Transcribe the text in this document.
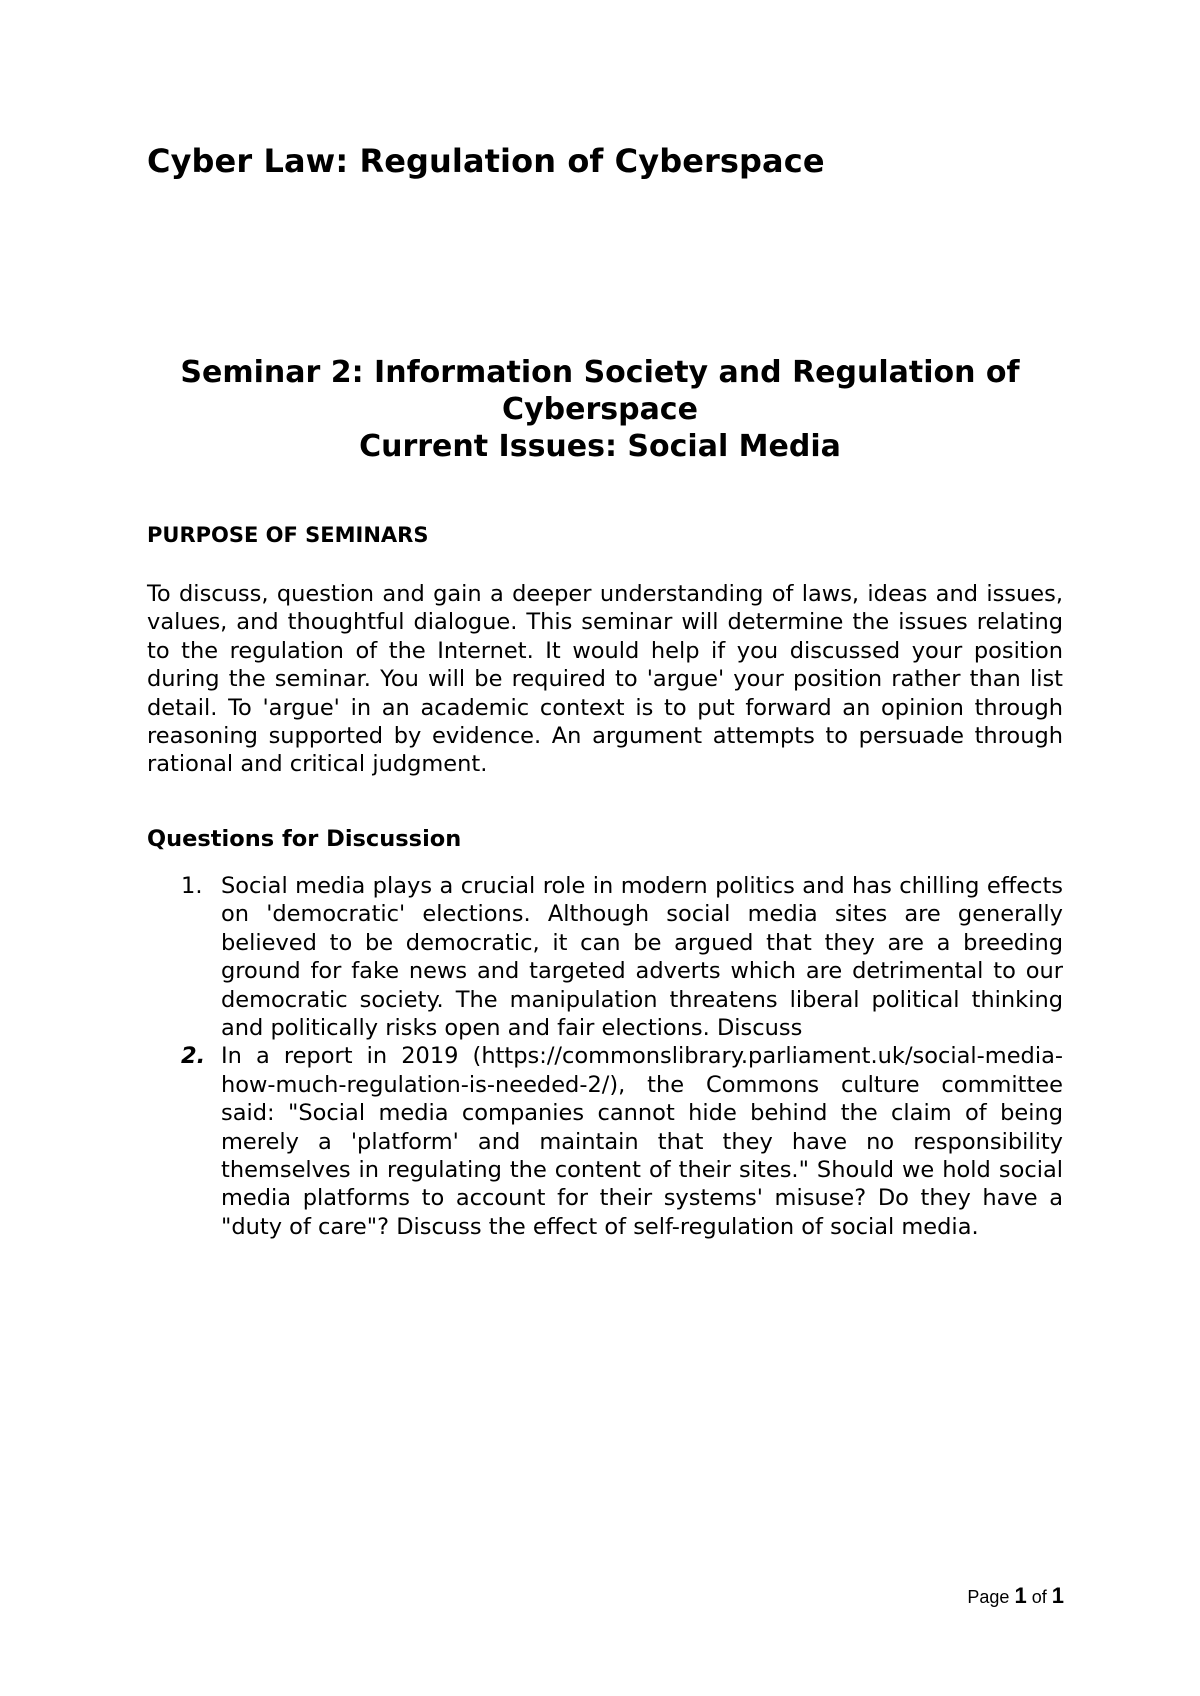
Cyber Law: Regulation of Cyberspace
Seminar 2: Information Society and Regulation of
Cyberspace
Current Issues: Social Media
PURPOSE OF SEMINARS

To discuss, question and gain a deeper understanding of laws, ideas and issues, values, and thoughtful dialogue. This seminar will determine the issues relating to the regulation of the Internet. It would help if you discussed your position during the seminar. You will be required to 'argue' your position rather than list detail. To 'argue' in an academic context is to put forward an opinion through reasoning supported by evidence. An argument attempts to persuade through rational and critical judgment.

Questions for Discussion
1. Social media plays a crucial role in modern politics and has chilling effects on 'democratic' elections. Although social media sites are generally believed to be democratic, it can be argued that they are a breeding ground for fake news and targeted adverts which are detrimental to our democratic society. The manipulation threatens liberal political thinking and politically risks open and fair elections. Discuss
2. In a report in 2019 (https://commonslibrary.parliament.uk/social-media-how-much-regulation-is-needed-2/), the Commons culture committee said: "Social media companies cannot hide behind the claim of being merely a 'platform' and maintain that they have no responsibility themselves in regulating the content of their sites." Should we hold social media platforms to account for their systems' misuse? Do they have a "duty of care"? Discuss the effect of self-regulation of social media.
Page 1 of 1
